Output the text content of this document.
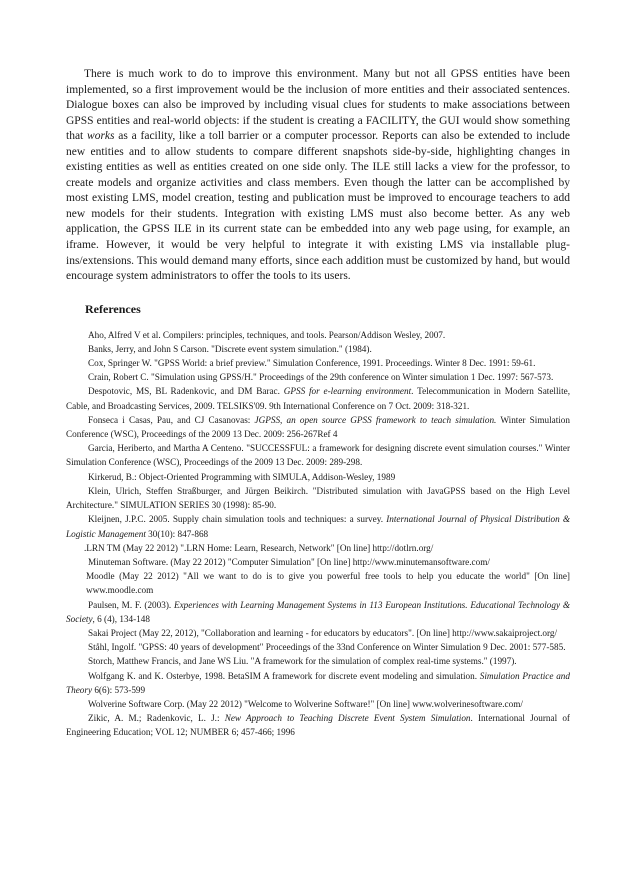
There is much work to do to improve this environment. Many but not all GPSS entities have been implemented, so a first improvement would be the inclusion of more entities and their associated sentences. Dialogue boxes can also be improved by including visual clues for students to make associations between GPSS entities and real-world objects: if the student is creating a FACILITY, the GUI would show something that works as a facility, like a toll barrier or a computer processor. Reports can also be extended to include new entities and to allow students to compare different snapshots side-by-side, highlighting changes in existing entities as well as entities created on one side only. The ILE still lacks a view for the professor, to create models and organize activities and class members. Even though the latter can be accomplished by most existing LMS, model creation, testing and publication must be improved to encourage teachers to add new models for their students. Integration with existing LMS must also become better. As any web application, the GPSS ILE in its current state can be embedded into any web page using, for example, an iframe. However, it would be very helpful to integrate it with existing LMS via installable plug-ins/extensions. This would demand many efforts, since each addition must be customized by hand, but would encourage system administrators to offer the tools to its users.

References

Aho, Alfred V et al. Compilers: principles, techniques, and tools. Pearson/Addison Wesley, 2007.

Banks, Jerry, and John S Carson. "Discrete event system simulation." (1984).

Cox, Springer W. "GPSS World: a brief preview." Simulation Conference, 1991. Proceedings. Winter 8 Dec. 1991: 59-61.

Crain, Robert C. "Simulation using GPSS/H." Proceedings of the 29th conference on Winter simulation 1 Dec. 1997: 567-573.

Despotovic, MS, BL Radenkovic, and DM Barac. GPSS for e-learning environment. Telecommunication in Modern Satellite, Cable, and Broadcasting Services, 2009. TELSIKS'09. 9th International Conference on 7 Oct. 2009: 318-321.

Fonseca i Casas, Pau, and CJ Casanovas: JGPSS, an open source GPSS framework to teach simulation. Winter Simulation Conference (WSC), Proceedings of the 2009 13 Dec. 2009: 256-267Ref 4

Garcia, Heriberto, and Martha A Centeno. "SUCCESSFUL: a framework for designing discrete event simulation courses." Winter Simulation Conference (WSC), Proceedings of the 2009 13 Dec. 2009: 289-298.

Kirkerud, B.: Object-Oriented Programming with SIMULA, Addison-Wesley, 1989

Klein, Ulrich, Steffen Straßburger, and Jürgen Beikirch. "Distributed simulation with JavaGPSS based on the High Level Architecture." SIMULATION SERIES 30 (1998): 85-90.

Kleijnen, J.P.C. 2005. Supply chain simulation tools and techniques: a survey. International Journal of Physical Distribution & Logistic Management 30(10): 847-868

.LRN TM (May 22 2012) ".LRN Home: Learn, Research, Network" [On line] http://dotlrn.org/

Minuteman Software. (May 22 2012) "Computer Simulation" [On line] http://www.minutemansoftware.com/

Moodle (May 22 2012) "All we want to do is to give you powerful free tools to help you educate the world" [On line] www.moodle.com

Paulsen, M. F. (2003). Experiences with Learning Management Systems in 113 European Institutions. Educational Technology & Society, 6 (4), 134-148

Sakai Project (May 22, 2012), "Collaboration and learning - for educators by educators". [On line] http://www.sakaiproject.org/

Ståhl, Ingolf. "GPSS: 40 years of development" Proceedings of the 33nd Conference on Winter Simulation 9 Dec. 2001: 577-585.

Storch, Matthew Francis, and Jane WS Liu. "A framework for the simulation of complex real-time systems." (1997).

Wolfgang K. and K. Osterbye, 1998. BetaSIM A framework for discrete event modeling and simulation. Simulation Practice and Theory 6(6): 573-599

Wolverine Software Corp. (May 22 2012) "Welcome to Wolverine Software!" [On line] www.wolverinesoftware.com/

Zikic, A. M.; Radenkovic, L. J.: New Approach to Teaching Discrete Event System Simulation. International Journal of Engineering Education; VOL 12; NUMBER 6; 457-466; 1996
